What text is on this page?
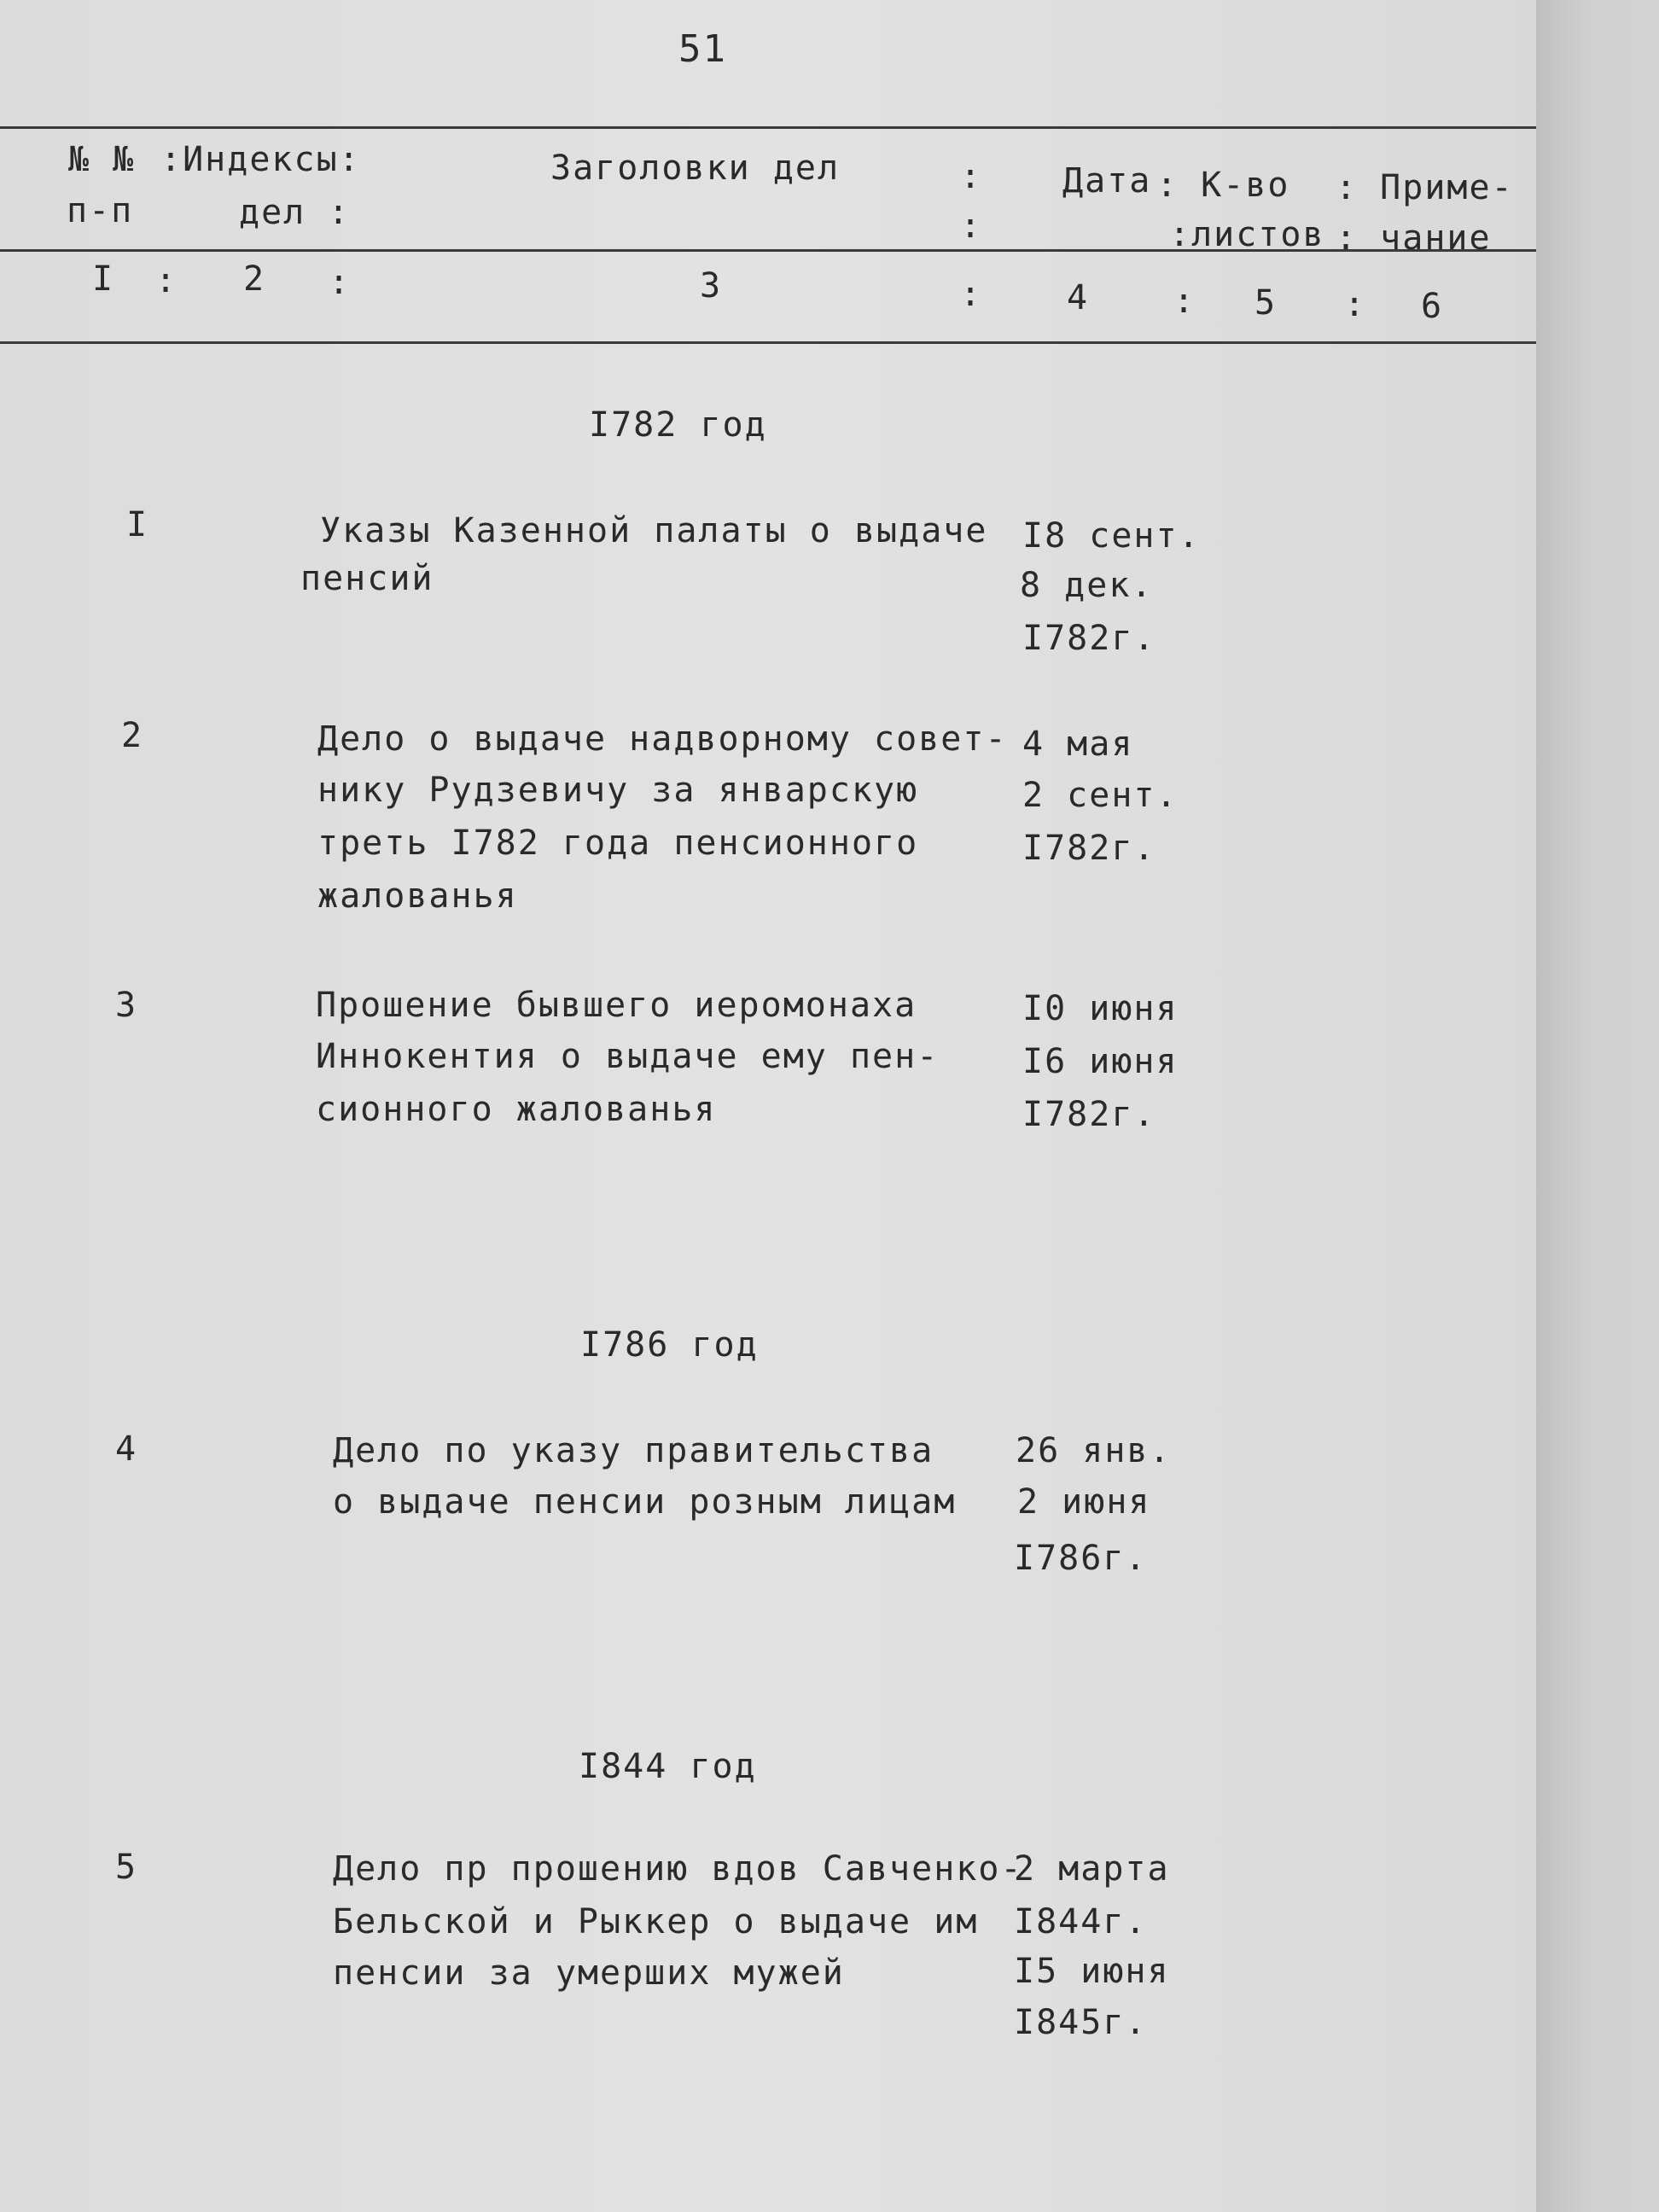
51
№ № :Индексы:	Заголовки дел	: Дата : К-во : Приме-
п-п	дел :	:	:листов : чание
I : 2 :	3	: 4 : 5 : 6
I782 год
I	Указы Казенной палаты о выдаче
пенсий
I8 сент.
8 дек.
I782г.
2	Дело о выдаче надворному совет-
нику Рудзевичу за январскую
треть I782 года пенсионного
жалованья
4 мая
2 сент.
I782г.
3	Прошение бывшего иеромонаха
Иннокентия о выдаче ему пен-
сионного жалованья
I0 июня
I6 июня
I782г.
I786 год
4	Дело по указу правительства
о выдаче пенсии розным лицам
26 янв.
2 июня
I786г.
I844 год
5	Дело пр прошению вдов Савченко-
Бельской и Рыккер о выдаче им
пенсии за умерших мужей
2 марта
I844г.
I5 июня
I845г.
